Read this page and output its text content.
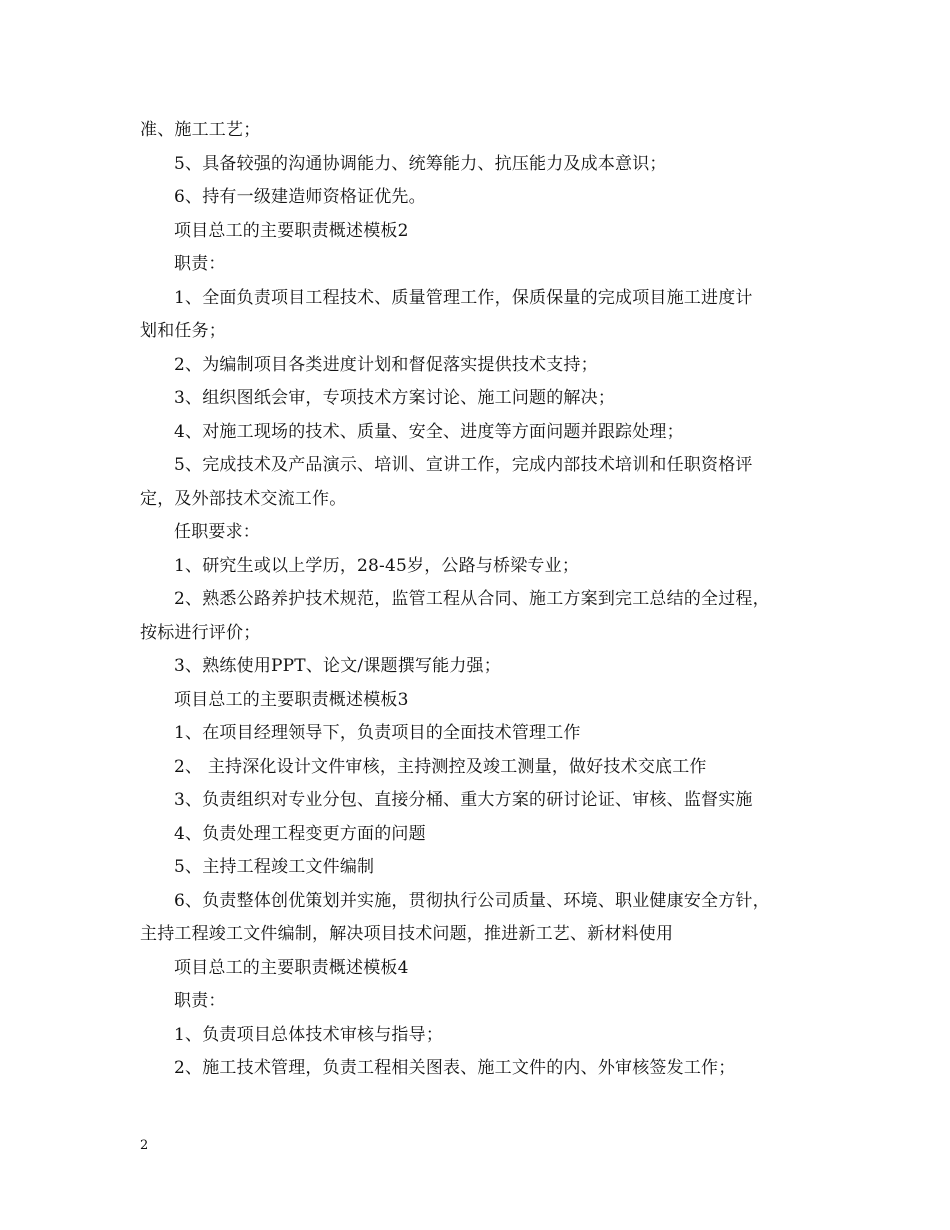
准、施工工艺；
5、具备较强的沟通协调能力、统筹能力、抗压能力及成本意识；
6、持有一级建造师资格证优先。
项目总工的主要职责概述模板2
职责：
1、全面负责项目工程技术、质量管理工作，保质保量的完成项目施工进度计
划和任务；
2、为编制项目各类进度计划和督促落实提供技术支持；
3、组织图纸会审，专项技术方案讨论、施工问题的解决；
4、对施工现场的技术、质量、安全、进度等方面问题并跟踪处理；
5、完成技术及产品演示、培训、宣讲工作，完成内部技术培训和任职资格评
定，及外部技术交流工作。
任职要求：
1、研究生或以上学历，28-45岁，公路与桥梁专业；
2、熟悉公路养护技术规范，监管工程从合同、施工方案到完工总结的全过程，
按标进行评价；
3、熟练使用PPT、论文/课题撰写能力强；
项目总工的主要职责概述模板3
1、在项目经理领导下，负责项目的全面技术管理工作
2、 主持深化设计文件审核，主持测控及竣工测量，做好技术交底工作
3、负责组织对专业分包、直接分桶、重大方案的研讨论证、审核、监督实施
4、负责处理工程变更方面的问题
5、主持工程竣工文件编制
6、负责整体创优策划并实施，贯彻执行公司质量、环境、职业健康安全方针，
主持工程竣工文件编制，解决项目技术问题，推进新工艺、新材料使用
项目总工的主要职责概述模板4
职责：
1、负责项目总体技术审核与指导；
2、施工技术管理，负责工程相关图表、施工文件的内、外审核签发工作；
2
